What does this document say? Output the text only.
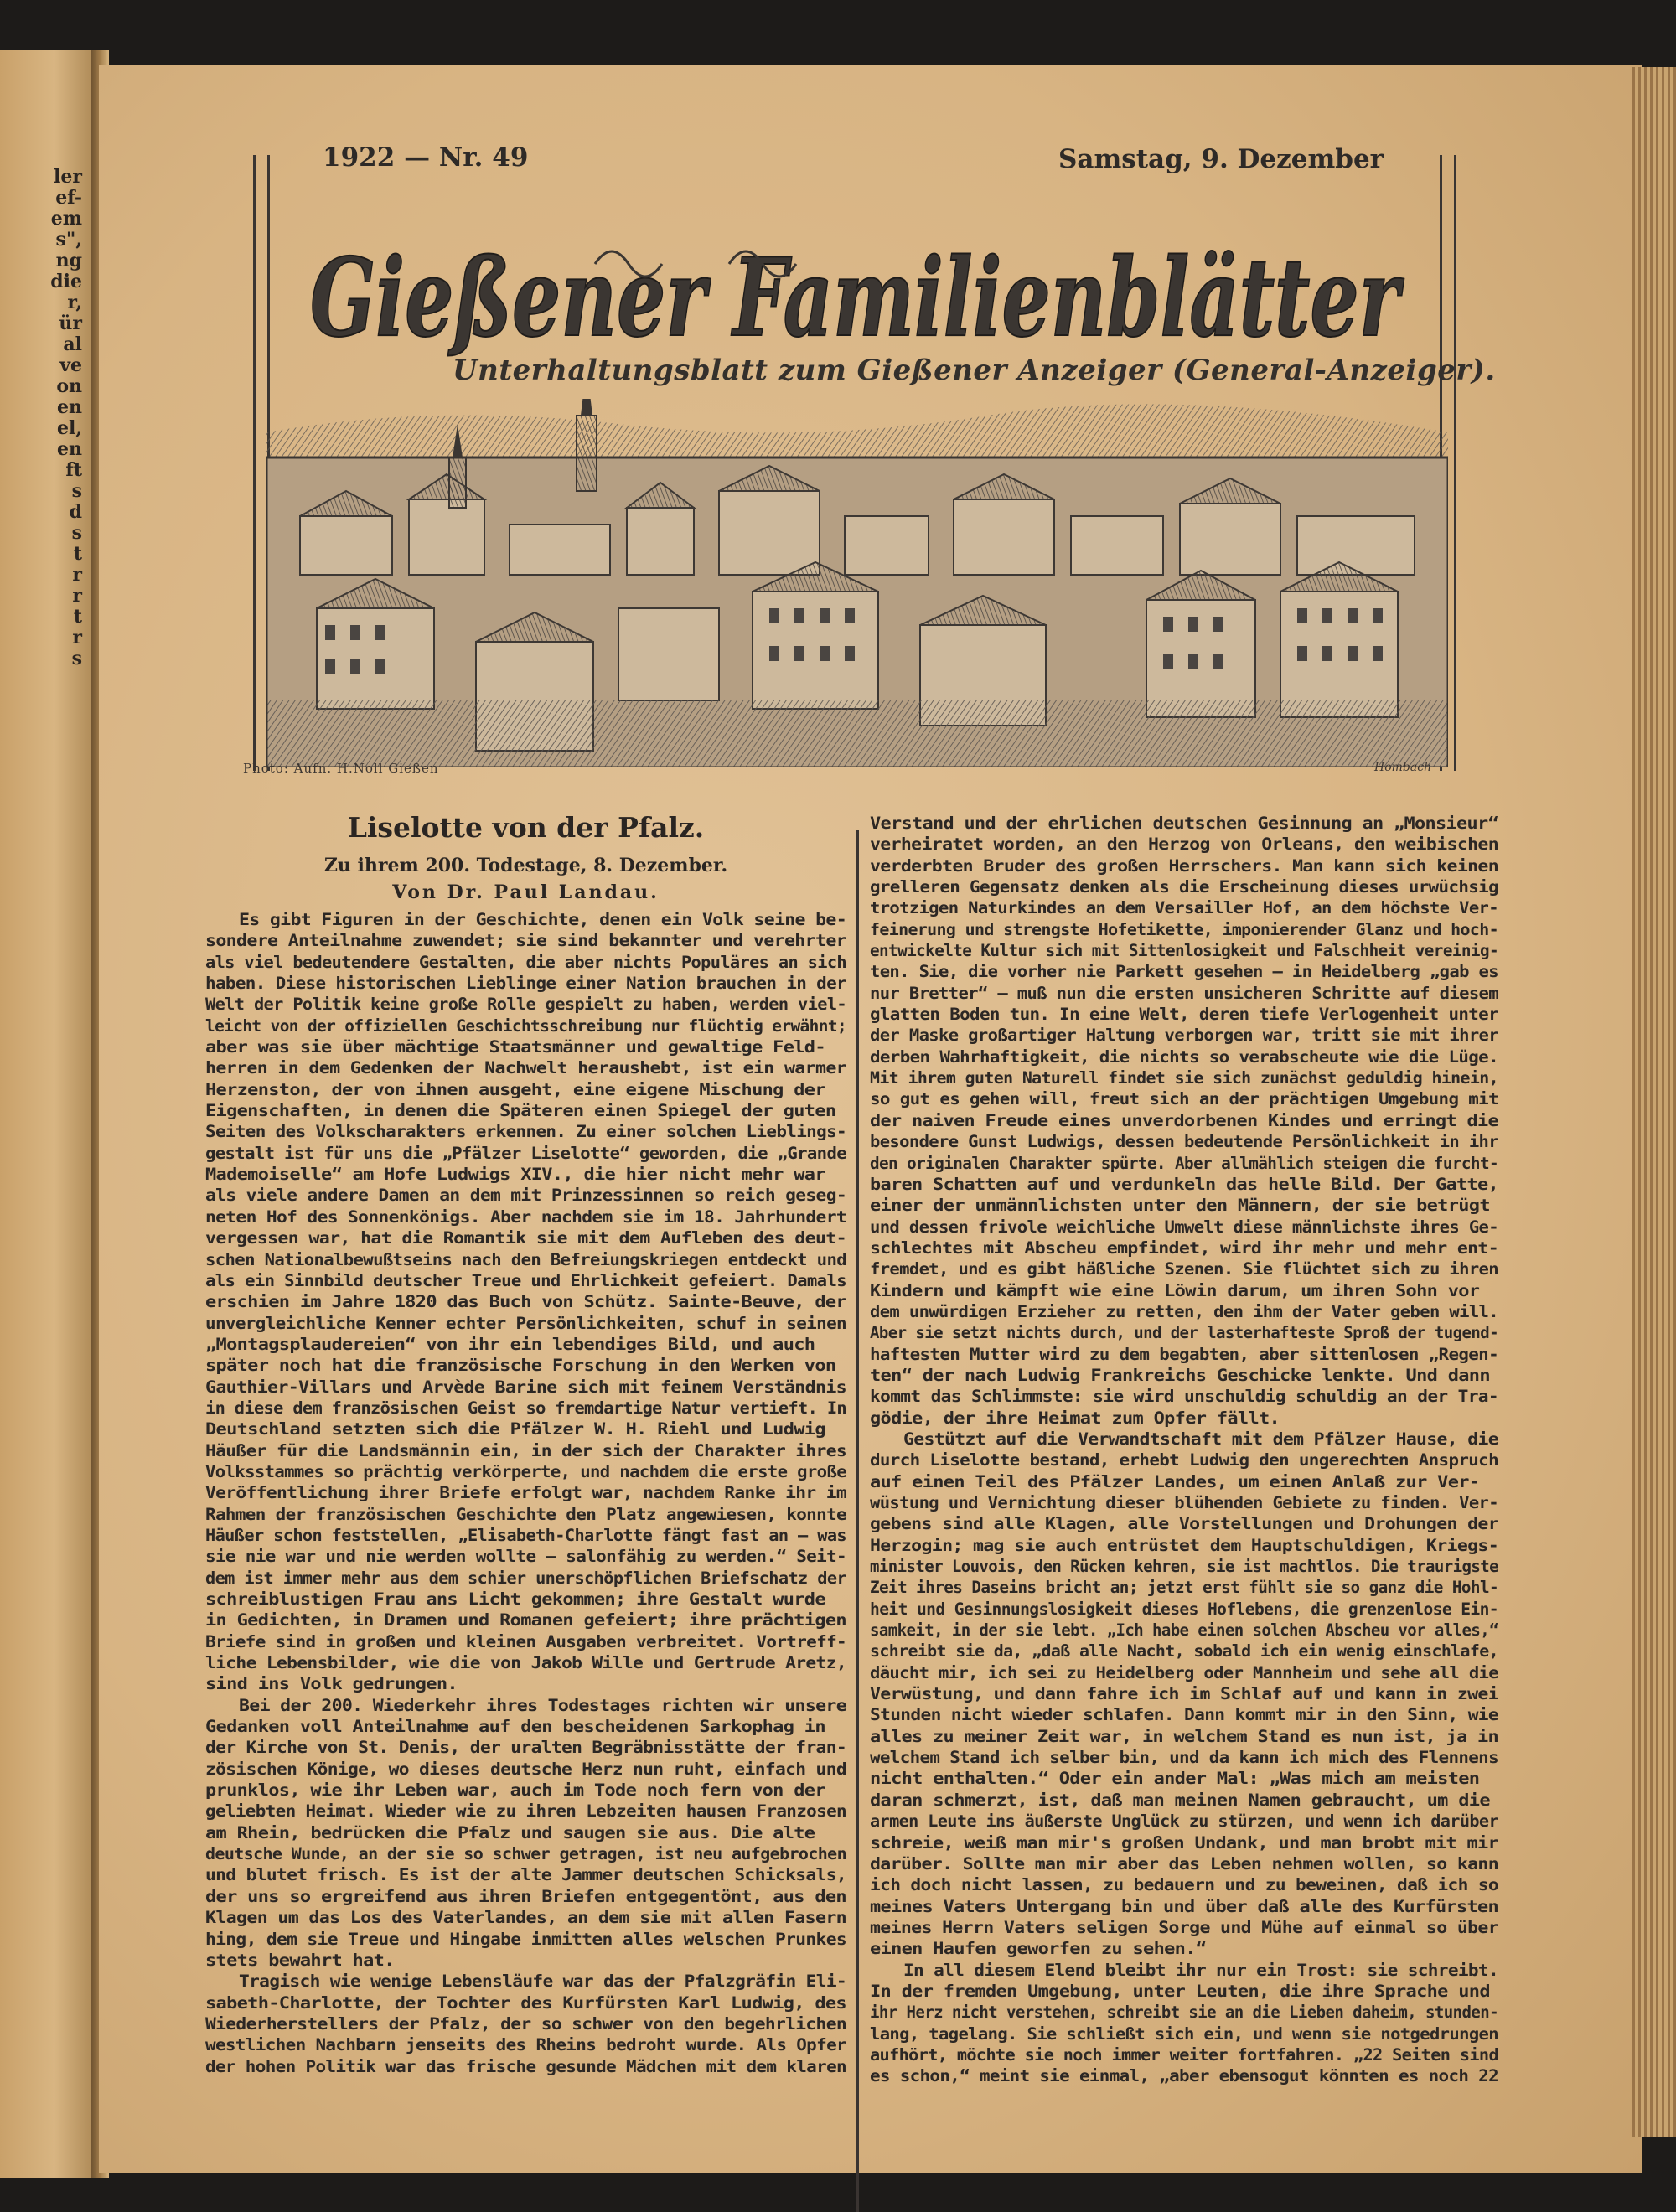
ler
ef-
em
s",
ng
die
r,
ür
al
ve
on
en
el,
en
ft
s
d
s
t
r
r
t
r
s
1922 — Nr. 49	Samstag, 9. Dezember
Gießener Familienblätter
Unterhaltungsblatt zum Gießener Anzeiger (General-Anzeiger).
Photo: Aufn. H.Noll Gießen	Hombach
Liselotte von der Pfalz.
Zu ihrem 200. Todestage, 8. Dezember.
Von Dr. Paul Landau.
Es gibt Figuren in der Geschichte, denen ein Volk seine be-
sondere Anteilnahme zuwendet; sie sind bekannter und verehrter
als viel bedeutendere Gestalten, die aber nichts Populäres an sich
haben. Diese historischen Lieblinge einer Nation brauchen in der
Welt der Politik keine große Rolle gespielt zu haben, werden viel-
leicht von der offiziellen Geschichtsschreibung nur flüchtig erwähnt;
aber was sie über mächtige Staatsmänner und gewaltige Feld-
herren in dem Gedenken der Nachwelt heraushebt, ist ein warmer
Herzenston, der von ihnen ausgeht, eine eigene Mischung der
Eigenschaften, in denen die Späteren einen Spiegel der guten
Seiten des Volkscharakters erkennen. Zu einer solchen Lieblings-
gestalt ist für uns die „Pfälzer Liselotte“ geworden, die „Grande
Mademoiselle“ am Hofe Ludwigs XIV., die hier nicht mehr war
als viele andere Damen an dem mit Prinzessinnen so reich geseg-
neten Hof des Sonnenkönigs. Aber nachdem sie im 18. Jahrhundert
vergessen war, hat die Romantik sie mit dem Aufleben des deut-
schen Nationalbewußtseins nach den Befreiungskriegen entdeckt und
als ein Sinnbild deutscher Treue und Ehrlichkeit gefeiert. Damals
erschien im Jahre 1820 das Buch von Schütz. Sainte-Beuve, der
unvergleichliche Kenner echter Persönlichkeiten, schuf in seinen
„Montagsplaudereien“ von ihr ein lebendiges Bild, und auch
später noch hat die französische Forschung in den Werken von
Gauthier-Villars und Arvède Barine sich mit feinem Verständnis
in diese dem französischen Geist so fremdartige Natur vertieft. In
Deutschland setzten sich die Pfälzer W. H. Riehl und Ludwig
Häußer für die Landsmännin ein, in der sich der Charakter ihres
Volksstammes so prächtig verkörperte, und nachdem die erste große
Veröffentlichung ihrer Briefe erfolgt war, nachdem Ranke ihr im
Rahmen der französischen Geschichte den Platz angewiesen, konnte
Häußer schon feststellen, „Elisabeth-Charlotte fängt fast an — was
sie nie war und nie werden wollte — salonfähig zu werden.“ Seit-
dem ist immer mehr aus dem schier unerschöpflichen Briefschatz der
schreiblustigen Frau ans Licht gekommen; ihre Gestalt wurde
in Gedichten, in Dramen und Romanen gefeiert; ihre prächtigen
Briefe sind in großen und kleinen Ausgaben verbreitet. Vortreff-
liche Lebensbilder, wie die von Jakob Wille und Gertrude Aretz,
sind ins Volk gedrungen.
Bei der 200. Wiederkehr ihres Todestages richten wir unsere
Gedanken voll Anteilnahme auf den bescheidenen Sarkophag in
der Kirche von St. Denis, der uralten Begräbnisstätte der fran-
zösischen Könige, wo dieses deutsche Herz nun ruht, einfach und
prunklos, wie ihr Leben war, auch im Tode noch fern von der
geliebten Heimat. Wieder wie zu ihren Lebzeiten hausen Franzosen
am Rhein, bedrücken die Pfalz und saugen sie aus. Die alte
deutsche Wunde, an der sie so schwer getragen, ist neu aufgebrochen
und blutet frisch. Es ist der alte Jammer deutschen Schicksals,
der uns so ergreifend aus ihren Briefen entgegentönt, aus den
Klagen um das Los des Vaterlandes, an dem sie mit allen Fasern
hing, dem sie Treue und Hingabe inmitten alles welschen Prunkes
stets bewahrt hat.
Tragisch wie wenige Lebensläufe war das der Pfalzgräfin Eli-
sabeth-Charlotte, der Tochter des Kurfürsten Karl Ludwig, des
Wiederherstellers der Pfalz, der so schwer von den begehrlichen
westlichen Nachbarn jenseits des Rheins bedroht wurde. Als Opfer
der hohen Politik war das frische gesunde Mädchen mit dem klaren
Verstand und der ehrlichen deutschen Gesinnung an „Monsieur“
verheiratet worden, an den Herzog von Orleans, den weibischen
verderbten Bruder des großen Herrschers. Man kann sich keinen
grelleren Gegensatz denken als die Erscheinung dieses urwüchsig
trotzigen Naturkindes an dem Versailler Hof, an dem höchste Ver-
feinerung und strengste Hofetikette, imponierender Glanz und hoch-
entwickelte Kultur sich mit Sittenlosigkeit und Falschheit vereinig-
ten. Sie, die vorher nie Parkett gesehen — in Heidelberg „gab es
nur Bretter“ — muß nun die ersten unsicheren Schritte auf diesem
glatten Boden tun. In eine Welt, deren tiefe Verlogenheit unter
der Maske großartiger Haltung verborgen war, tritt sie mit ihrer
derben Wahrhaftigkeit, die nichts so verabscheute wie die Lüge.
Mit ihrem guten Naturell findet sie sich zunächst geduldig hinein,
so gut es gehen will, freut sich an der prächtigen Umgebung mit
der naiven Freude eines unverdorbenen Kindes und erringt die
besondere Gunst Ludwigs, dessen bedeutende Persönlichkeit in ihr
den originalen Charakter spürte. Aber allmählich steigen die furcht-
baren Schatten auf und verdunkeln das helle Bild. Der Gatte,
einer der unmännlichsten unter den Männern, der sie betrügt
und dessen frivole weichliche Umwelt diese männlichste ihres Ge-
schlechtes mit Abscheu empfindet, wird ihr mehr und mehr ent-
fremdet, und es gibt häßliche Szenen. Sie flüchtet sich zu ihren
Kindern und kämpft wie eine Löwin darum, um ihren Sohn vor
dem unwürdigen Erzieher zu retten, den ihm der Vater geben will.
Aber sie setzt nichts durch, und der lasterhafteste Sproß der tugend-
haftesten Mutter wird zu dem begabten, aber sittenlosen „Regen-
ten“ der nach Ludwig Frankreichs Geschicke lenkte. Und dann
kommt das Schlimmste: sie wird unschuldig schuldig an der Tra-
gödie, der ihre Heimat zum Opfer fällt.
Gestützt auf die Verwandtschaft mit dem Pfälzer Hause, die
durch Liselotte bestand, erhebt Ludwig den ungerechten Anspruch
auf einen Teil des Pfälzer Landes, um einen Anlaß zur Ver-
wüstung und Vernichtung dieser blühenden Gebiete zu finden. Ver-
gebens sind alle Klagen, alle Vorstellungen und Drohungen der
Herzogin; mag sie auch entrüstet dem Hauptschuldigen, Kriegs-
minister Louvois, den Rücken kehren, sie ist machtlos. Die traurigste
Zeit ihres Daseins bricht an; jetzt erst fühlt sie so ganz die Hohl-
heit und Gesinnungslosigkeit dieses Hoflebens, die grenzenlose Ein-
samkeit, in der sie lebt. „Ich habe einen solchen Abscheu vor alles,“
schreibt sie da, „daß alle Nacht, sobald ich ein wenig einschlafe,
däucht mir, ich sei zu Heidelberg oder Mannheim und sehe all die
Verwüstung, und dann fahre ich im Schlaf auf und kann in zwei
Stunden nicht wieder schlafen. Dann kommt mir in den Sinn, wie
alles zu meiner Zeit war, in welchem Stand es nun ist, ja in
welchem Stand ich selber bin, und da kann ich mich des Flennens
nicht enthalten.“ Oder ein ander Mal: „Was mich am meisten
daran schmerzt, ist, daß man meinen Namen gebraucht, um die
armen Leute ins äußerste Unglück zu stürzen, und wenn ich darüber
schreie, weiß man mir's großen Undank, und man brobt mit mir
darüber. Sollte man mir aber das Leben nehmen wollen, so kann
ich doch nicht lassen, zu bedauern und zu beweinen, daß ich so
meines Vaters Untergang bin und über daß alle des Kurfürsten
meines Herrn Vaters seligen Sorge und Mühe auf einmal so über
einen Haufen geworfen zu sehen.“
In all diesem Elend bleibt ihr nur ein Trost: sie schreibt.
In der fremden Umgebung, unter Leuten, die ihre Sprache und
ihr Herz nicht verstehen, schreibt sie an die Lieben daheim, stunden-
lang, tagelang. Sie schließt sich ein, und wenn sie notgedrungen
aufhört, möchte sie noch immer weiter fortfahren. „22 Seiten sind
es schon,“ meint sie einmal, „aber ebensogut könnten es noch 22
